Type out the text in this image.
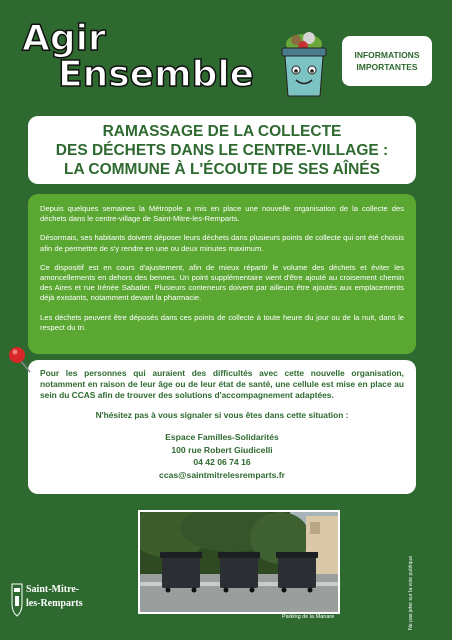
Agir
Ensemble	INFORMATIONS
IMPORTANTES
RAMASSAGE DE LA COLLECTE
DES DÉCHETS DANS LE CENTRE-VILLAGE :
LA COMMUNE À L'ÉCOUTE DE SES AÎNÉS

Depuis quelques semaines la Métropole a mis en place une nouvelle organisation de la collecte des déchets dans le centre-village de Saint-Mitre-les-Remparts.

Désormais, ses habitants doivent déposer leurs déchets dans plusieurs points de collecte qui ont été choisis afin de permettre de s'y rendre en une ou deux minutes maximum.

Ce dispositif est en cours d'ajustement, afin de mieux répartir le volume des déchets et éviter les amoncellements en dehors des bennes. Un point supplémentaire vient d'être ajouté au croisement chemin des Aires et rue Irénée Sabatier. Plusieurs conteneurs doivent par ailleurs être ajoutés aux emplacements déjà existants, notamment devant la pharmacie.

Les déchets peuvent être déposés dans ces points de collecte à toute heure du jour ou de la nuit, dans le respect du tri.

Pour les personnes qui auraient des difficultés avec cette nouvelle organisation, notamment en raison de leur âge ou de leur état de santé, une cellule est mise en place au sein du CCAS afin de trouver des solutions d'accompagnement adaptées.

N'hésitez pas à vous signaler si vous êtes dans cette situation :

Espace Familles-Solidarités

100 rue Robert Giudicelli

04 42 06 74 16

ccas@saintmitrelesremparts.fr

Parking de la Manare	Ne pas jeter sur la voie publique
Saint-Mitre-
les-Remparts
